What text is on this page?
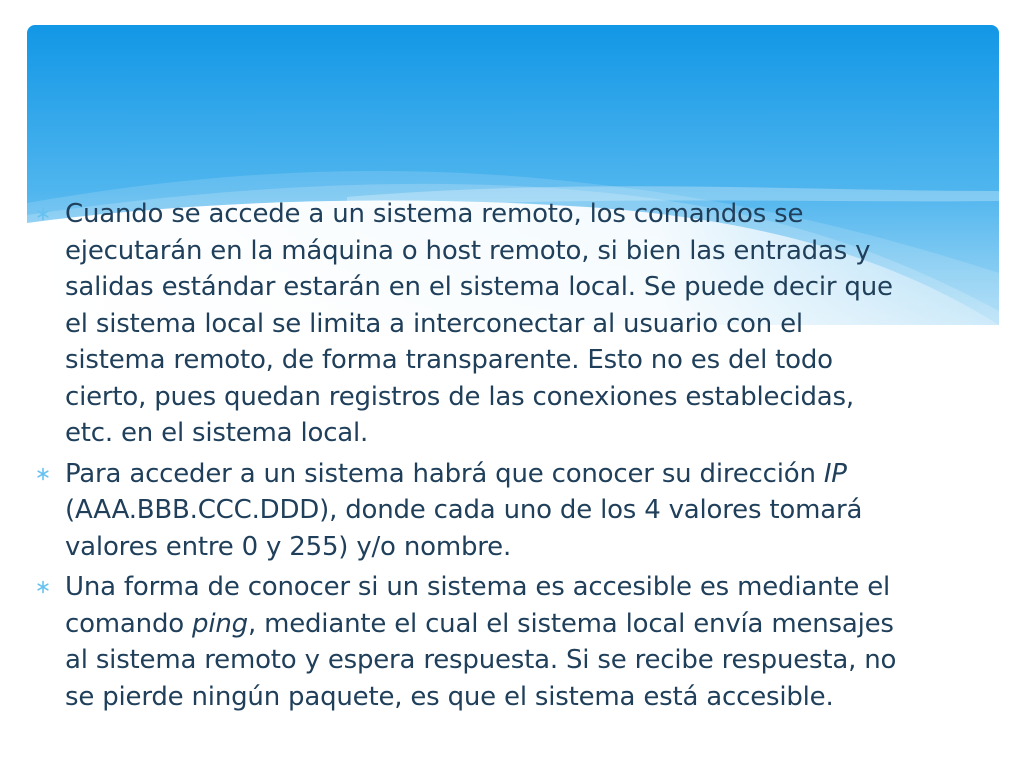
Cuando se accede a un sistema remoto, los comandos se
ejecutarán en la máquina o host remoto, si bien las entradas y
salidas estándar estarán en el sistema local. Se puede decir que
el sistema local se limita a interconectar al usuario con el
sistema remoto, de forma transparente. Esto no es del todo
cierto, pues quedan registros de las conexiones establecidas,
etc. en el sistema local.

Para acceder a un sistema habrá que conocer su dirección IP
(AAA.BBB.CCC.DDD), donde cada uno de los 4 valores tomará
valores entre 0 y 255) y/o nombre.

Una forma de conocer si un sistema es accesible es mediante el
comando ping, mediante el cual el sistema local envía mensajes
al sistema remoto y espera respuesta. Si se recibe respuesta, no
se pierde ningún paquete, es que el sistema está accesible.
